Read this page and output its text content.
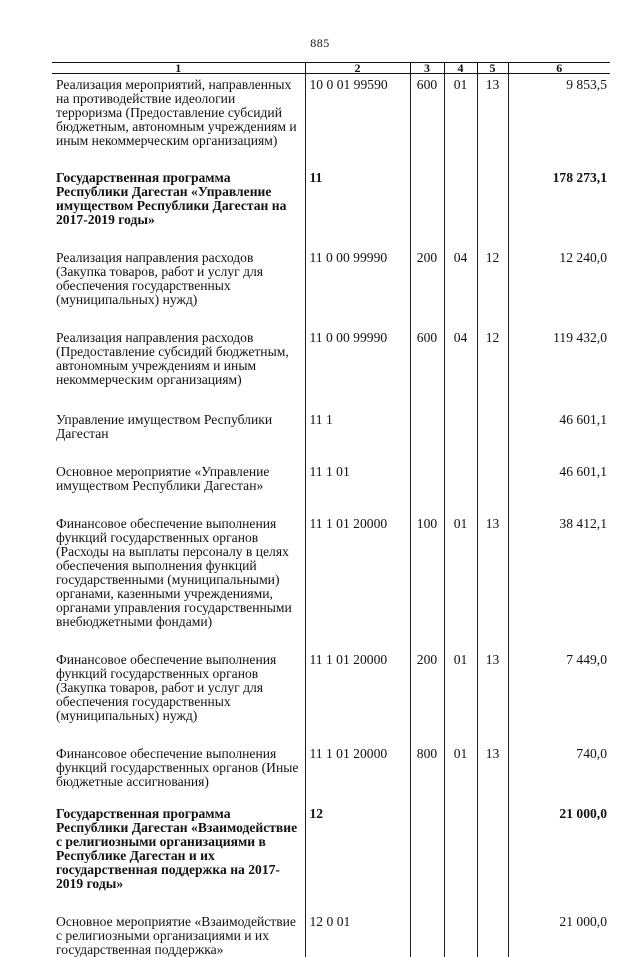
885
1	2	3	4	5	6
Реализация мероприятий, направленных на противодействие идеологии терроризма (Предоставление субсидий бюджетным, автономным учреждениям и иным некоммерческим организациям)	10 0 01 99590	600	01	13	9 853,5
Государственная программа Республики Дагестан «Управление имуществом Республики Дагестан на 2017-2019 годы»	11				178 273,1
Реализация направления расходов (Закупка товаров, работ и услуг для обеспечения государственных (муниципальных) нужд)	11 0 00 99990	200	04	12	12 240,0
Реализация направления расходов (Предоставление субсидий бюджетным, автономным учреждениям и иным некоммерческим организациям)	11 0 00 99990	600	04	12	119 432,0
Управление имуществом Республики Дагестан	11 1				46 601,1
Основное мероприятие «Управление имуществом Республики Дагестан»	11 1 01				46 601,1
Финансовое обеспечение выполнения функций государственных органов (Расходы на выплаты персоналу в целях обеспечения выполнения функций государственными (муниципальными) органами, казенными учреждениями, органами управления государственными внебюджетными фондами)	11 1 01 20000	100	01	13	38 412,1
Финансовое обеспечение выполнения функций государственных органов (Закупка товаров, работ и услуг для обеспечения государственных (муниципальных) нужд)	11 1 01 20000	200	01	13	7 449,0
Финансовое обеспечение выполнения функций государственных органов (Иные бюджетные ассигнования)	11 1 01 20000	800	01	13	740,0
Государственная программа Республики Дагестан «Взаимодействие с религиозными организациями в Республике Дагестан и их государственная поддержка на 2017-2019 годы»	12				21 000,0
Основное мероприятие «Взаимодействие с религиозными организациями и их государственная поддержка»	12 0 01				21 000,0
